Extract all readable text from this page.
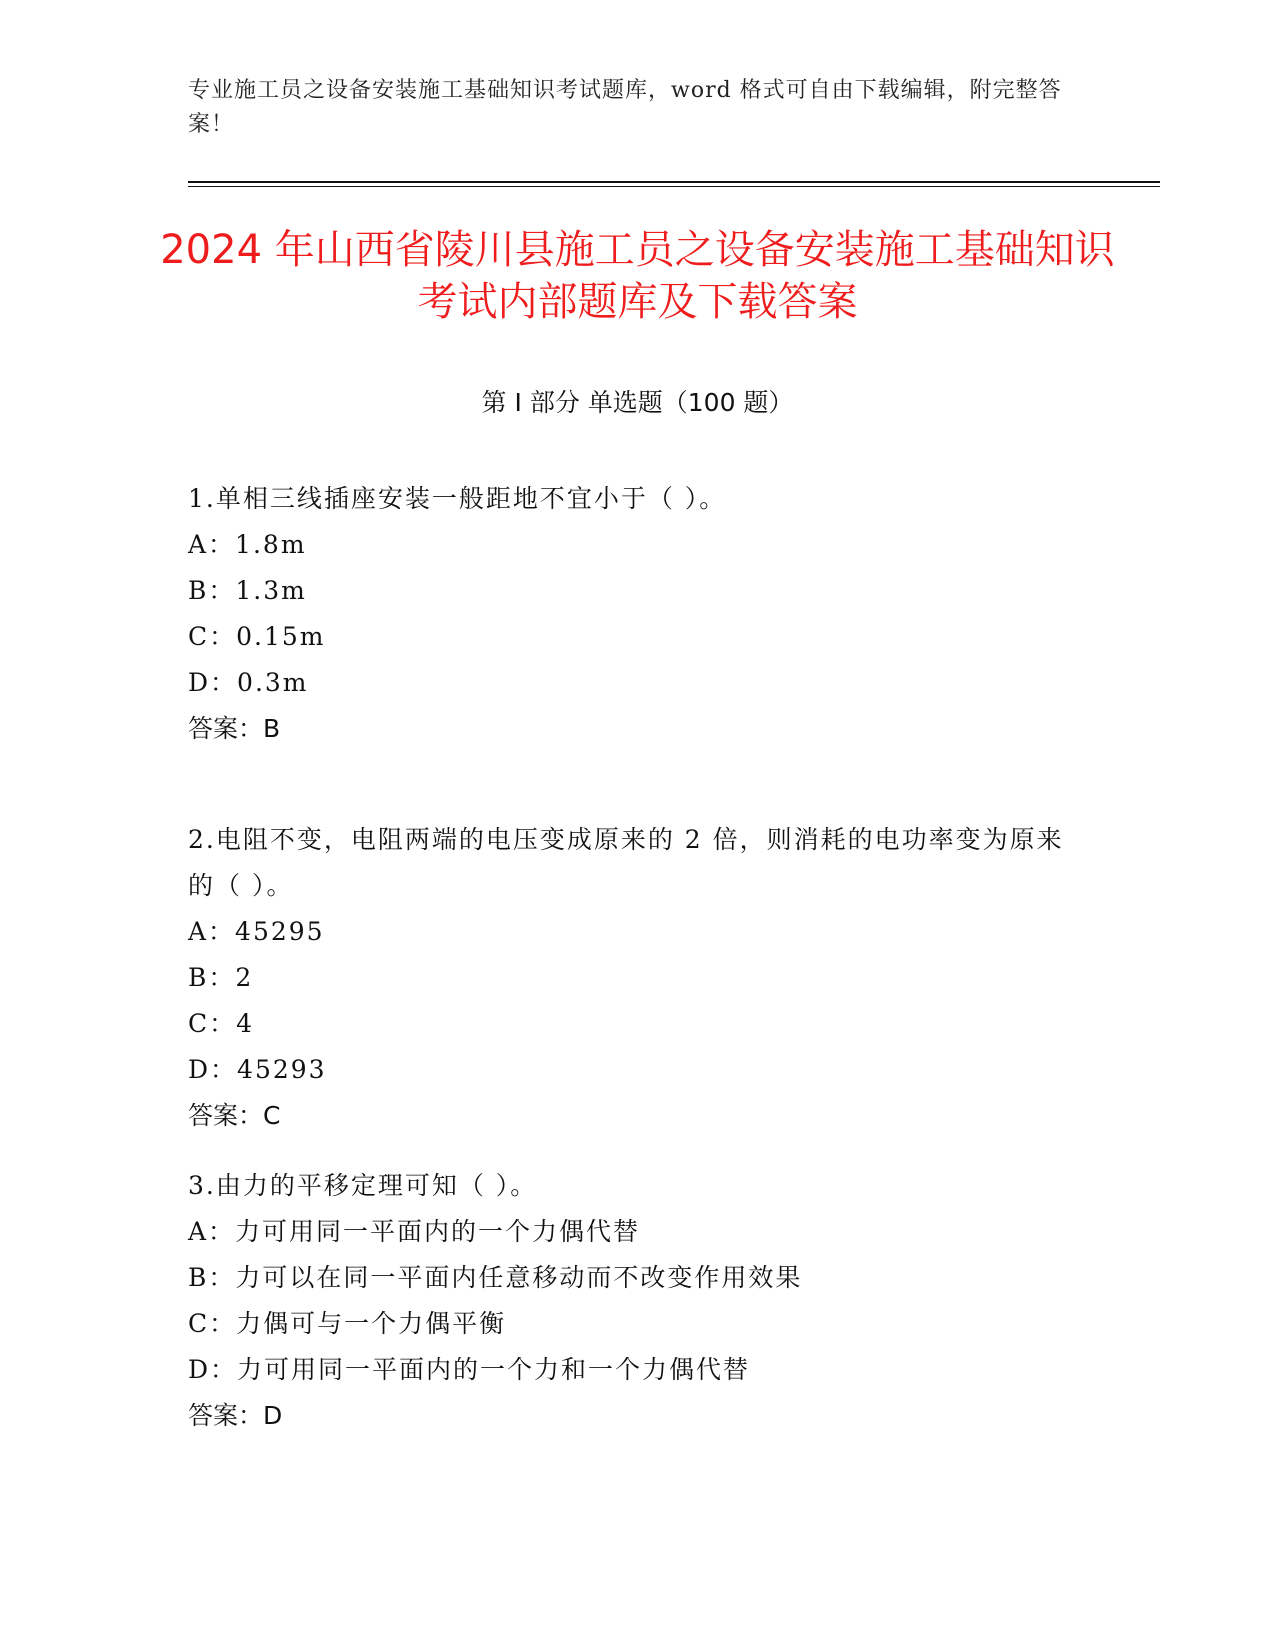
专业施工员之设备安装施工基础知识考试题库，word 格式可自由下载编辑，附完整答案！
2024 年山西省陵川县施工员之设备安装施工基础知识考试内部题库及下载答案
第 I 部分 单选题（100 题）
1.单相三线插座安装一般距地不宜小于（ ）。
A：1.8m
B：1.3m
C：0.15m
D：0.3m
答案：B
2.电阻不变，电阻两端的电压变成原来的 2 倍，则消耗的电功率变为原来的（ ）。
A：45295
B：2
C：4
D：45293
答案：C
3.由力的平移定理可知（ ）。
A：力可用同一平面内的一个力偶代替
B：力可以在同一平面内任意移动而不改变作用效果
C：力偶可与一个力偶平衡
D：力可用同一平面内的一个力和一个力偶代替
答案：D
